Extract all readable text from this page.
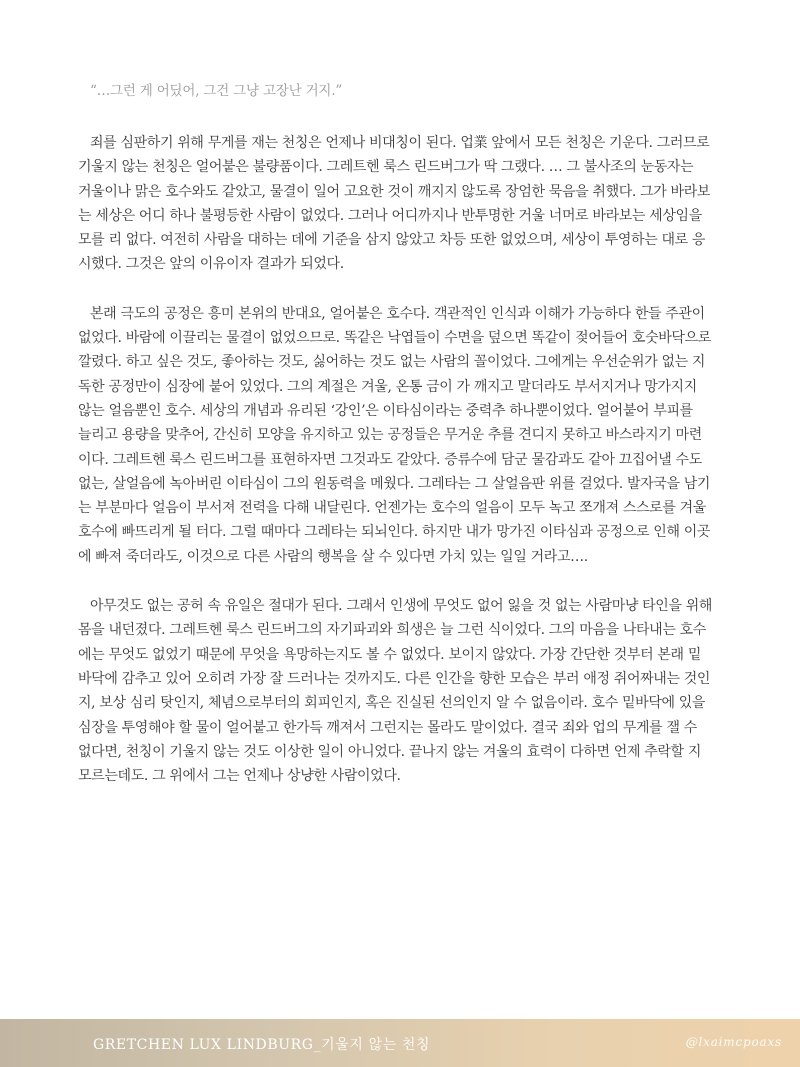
“…그런 게 어딨어, 그건 그냥 고장난 거지.”

죄를 심판하기 위해 무게를 재는 천칭은 언제나 비대칭이 된다. 업業 앞에서 모든 천칭은 기운다. 그러므로
기울지 않는 천칭은 얼어붙은 불량품이다. 그레트헨 룩스 린드버그가 딱 그랬다. … 그 불사조의 눈동자는
거울이나 맑은 호수와도 같았고, 물결이 일어 고요한 것이 깨지지 않도록 장엄한 묵음을 취했다. 그가 바라보
는 세상은 어디 하나 불평등한 사람이 없었다. 그러나 어디까지나 반투명한 거울 너머로 바라보는 세상임을
모를 리 없다. 여전히 사람을 대하는 데에 기준을 삼지 않았고 차등 또한 없었으며, 세상이 투영하는 대로 응
시했다. 그것은 앞의 이유이자 결과가 되었다.

본래 극도의 공정은 흥미 본위의 반대요, 얼어붙은 호수다. 객관적인 인식과 이해가 가능하다 한들 주관이
없었다. 바람에 이끌리는 물결이 없었으므로. 똑같은 낙엽들이 수면을 덮으면 똑같이 젖어들어 호숫바닥으로
깔렸다. 하고 싶은 것도, 좋아하는 것도, 싫어하는 것도 없는 사람의 꼴이었다. 그에게는 우선순위가 없는 지
독한 공정만이 심장에 붙어 있었다. 그의 계절은 겨울, 온통 금이 가 깨지고 말더라도 부서지거나 망가지지
않는 얼음뿐인 호수. 세상의 개념과 유리된 ‘강인’은 이타심이라는 중력추 하나뿐이었다. 얼어붙어 부피를
늘리고 용량을 맞추어, 간신히 모양을 유지하고 있는 공정들은 무거운 추를 견디지 못하고 바스라지기 마련
이다. 그레트헨 룩스 린드버그를 표현하자면 그것과도 같았다. 증류수에 담군 물감과도 같아 끄집어낼 수도
없는, 살얼음에 녹아버린 이타심이 그의 원동력을 메웠다. 그레타는 그 살얼음판 위를 걸었다. 발자국을 남기
는 부분마다 얼음이 부서져 전력을 다해 내달린다. 언젠가는 호수의 얼음이 모두 녹고 쪼개져 스스로를 겨울
호수에 빠뜨리게 될 터다. 그럴 때마다 그레타는 되뇌인다. 하지만 내가 망가진 이타심과 공정으로 인해 이곳
에 빠져 죽더라도, 이것으로 다른 사람의 행복을 살 수 있다면 가치 있는 일일 거라고….

아무것도 없는 공허 속 유일은 절대가 된다. 그래서 인생에 무엇도 없어 잃을 것 없는 사람마냥 타인을 위해
몸을 내던졌다. 그레트헨 룩스 린드버그의 자기파괴와 희생은 늘 그런 식이었다. 그의 마음을 나타내는 호수
에는 무엇도 없었기 때문에 무엇을 욕망하는지도 볼 수 없었다. 보이지 않았다. 가장 간단한 것부터 본래 밑
바닥에 감추고 있어 오히려 가장 잘 드러나는 것까지도. 다른 인간을 향한 모습은 부러 애정 쥐어짜내는 것인
지, 보상 심리 탓인지, 체념으로부터의 회피인지, 혹은 진실된 선의인지 알 수 없음이라. 호수 밑바닥에 있을
심장을 투영해야 할 물이 얼어붙고 한가득 깨져서 그런지는 몰라도 말이었다. 결국 죄와 업의 무게를 잴 수
없다면, 천칭이 기울지 않는 것도 이상한 일이 아니었다. 끝나지 않는 겨울의 효력이 다하면 언제 추락할 지
모르는데도. 그 위에서 그는 언제나 상냥한 사람이었다.

GRETCHEN LUX LINDBURG_기울지 않는 천칭	@lxaimcpoaxs
